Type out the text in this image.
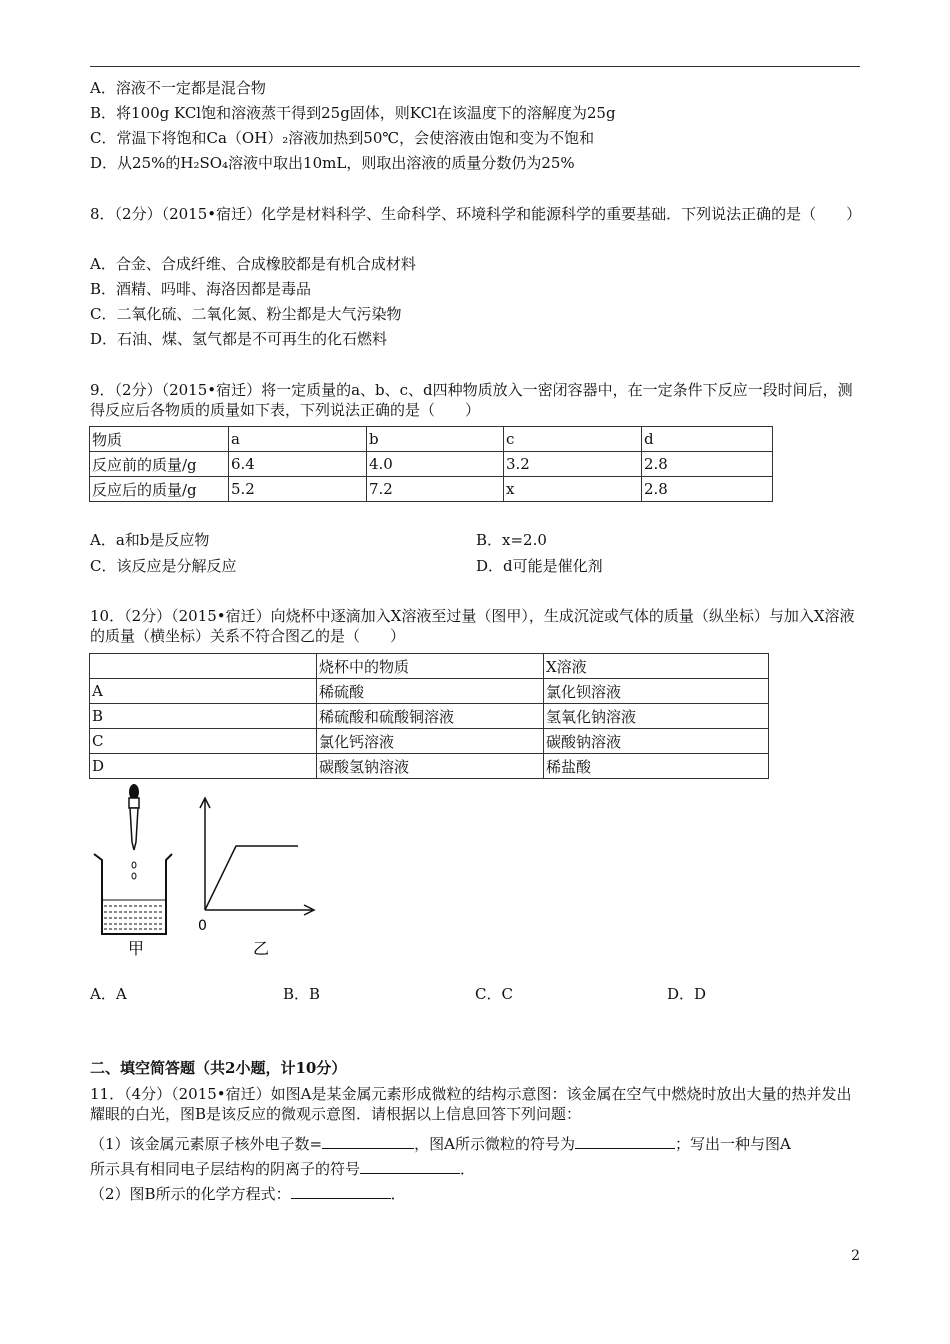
A．溶液不一定都是混合物
B．将100g KCl饱和溶液蒸干得到25g固体，则KCl在该温度下的溶解度为25g
C．常温下将饱和Ca（OH）₂溶液加热到50℃，会使溶液由饱和变为不饱和
D．从25%的H₂SO₄溶液中取出10mL，则取出溶液的质量分数仍为25%
8．（2分）（2015•宿迁）化学是材料科学、生命科学、环境科学和能源科学的重要基础．下列说法正确的是（　　）
A．合金、合成纤维、合成橡胶都是有机合成材料
B．酒精、吗啡、海洛因都是毒品
C．二氧化硫、二氧化氮、粉尘都是大气污染物
D．石油、煤、氢气都是不可再生的化石燃料
9．（2分）（2015•宿迁）将一定质量的a、b、c、d四种物质放入一密闭容器中，在一定条件下反应一段时间后，测得反应后各物质的质量如下表，下列说法正确的是（　　）
物质	a	b	c	d
反应前的质量/g	6.4	4.0	3.2	2.8
反应后的质量/g	5.2	7.2	x	2.8
A．a和b是反应物	B．x=2.0
C．该反应是分解反应	D．d可能是催化剂
10．（2分）（2015•宿迁）向烧杯中逐滴加入X溶液至过量（图甲），生成沉淀或气体的质量（纵坐标）与加入X溶液的质量（横坐标）关系不符合图乙的是（　　）
	烧杯中的物质	X溶液
A	稀硫酸	氯化钡溶液
B	稀硫酸和硫酸铜溶液	氢氧化钠溶液
C	氯化钙溶液	碳酸钠溶液
D	碳酸氢钠溶液	稀盐酸
甲
0
乙
A．A	B．B	C．C	D．D
二、填空简答题（共2小题，计10分）
11．（4分）（2015•宿迁）如图A是某金属元素形成微粒的结构示意图：该金属在空气中燃烧时放出大量的热并发出耀眼的白光，图B是该反应的微观示意图．请根据以上信息回答下列问题：
（1）该金属元素原子核外电子数=	，图A所示微粒的符号为	；写出一种与图A
所示具有相同电子层结构的阴离子的符号	．
（2）图B所示的化学方程式：	．
2
